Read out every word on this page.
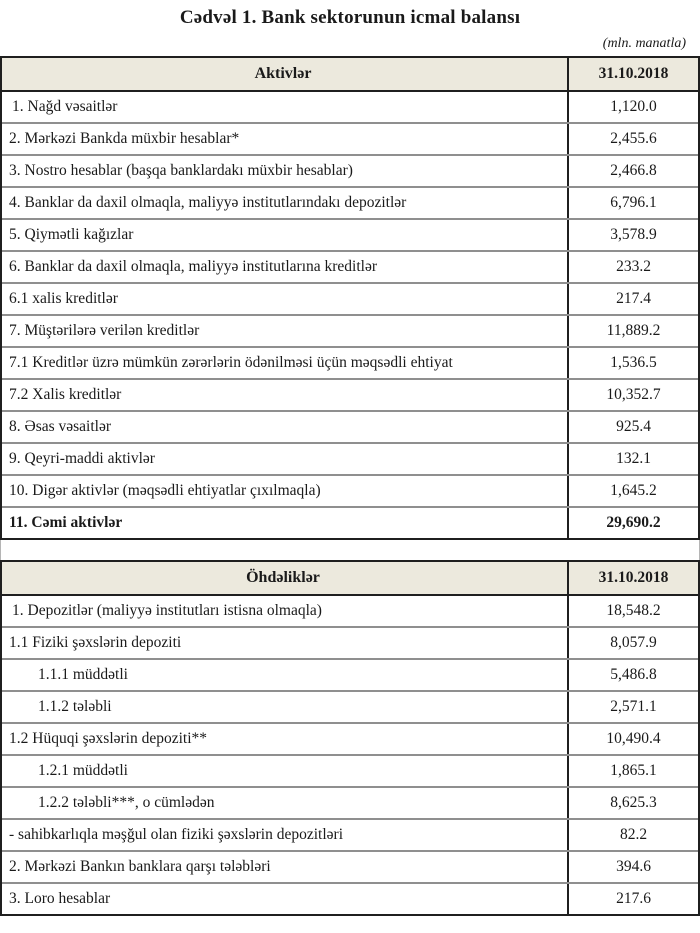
Cədvəl 1. Bank sektorunun icmal balansı
(mln. manatla)
Aktivlər	31.10.2018
1. Nağd vəsaitlər	1,120.0
2. Mərkəzi Bankda müxbir hesablar*	2,455.6
3. Nostro hesablar (başqa banklardakı müxbir hesablar)	2,466.8
4. Banklar da daxil olmaqla, maliyyə institutlarındakı depozitlər	6,796.1
5. Qiymətli kağızlar	3,578.9
6. Banklar da daxil olmaqla, maliyyə institutlarına kreditlər	233.2
6.1 xalis kreditlər	217.4
7. Müştərilərə verilən kreditlər	11,889.2
7.1 Kreditlər üzrə mümkün zərərlərin ödənilməsi üçün məqsədli ehtiyat	1,536.5
7.2 Xalis kreditlər	10,352.7
8. Əsas vəsaitlər	925.4
9. Qeyri-maddi aktivlər	132.1
10. Digər aktivlər (məqsədli ehtiyatlar çıxılmaqla)	1,645.2
11. Cəmi aktivlər	29,690.2
Öhdəliklər	31.10.2018
1. Depozitlər (maliyyə institutları istisna olmaqla)	18,548.2
1.1 Fiziki şəxslərin depoziti	8,057.9
1.1.1 müddətli	5,486.8
1.1.2 tələbli	2,571.1
1.2 Hüquqi şəxslərin depoziti**	10,490.4
1.2.1 müddətli	1,865.1
1.2.2 tələbli***, o cümlədən	8,625.3
- sahibkarlıqla məşğul olan fiziki şəxslərin depozitləri	82.2
2. Mərkəzi Bankın banklara qarşı tələbləri	394.6
3. Loro hesablar	217.6
